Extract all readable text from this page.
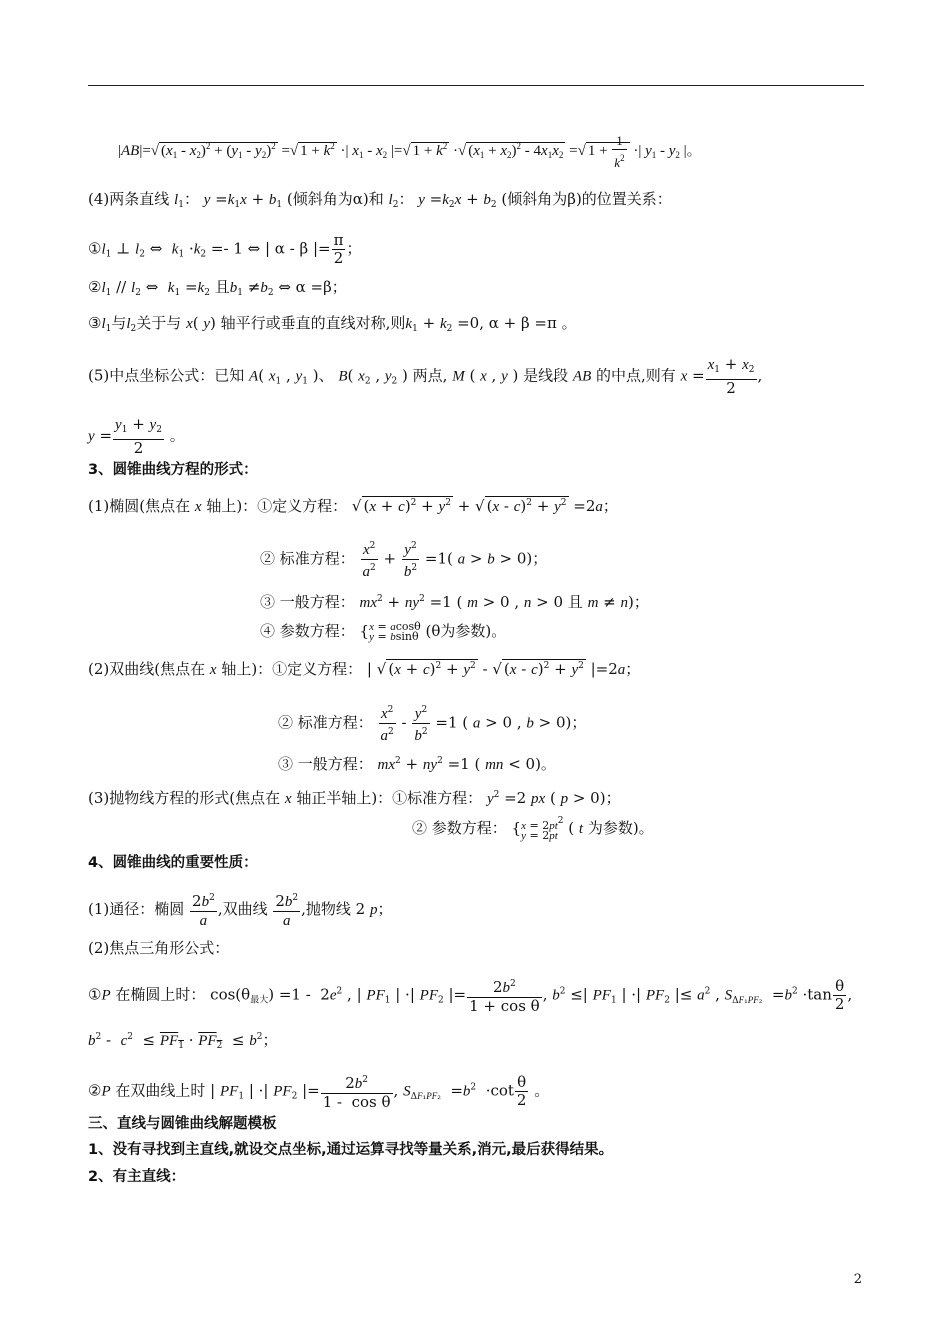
|AB|=√ $(x_1 - x_2)^2 + (y_1 - y_2)^2$ =√ $1 + k^2$ ·| $x_1 - x_2$ |=√ $1 + k^2$ ·√ $(x_1 + x_2)^2 - 4x_1x_2$ =√ $1 + \frac{1}{k^2}$ ·| $y_1 - y_2$ |。
(4)两条直线 $l_1$： $y =k_1x + b_1$ (倾斜角为α)和 $l_2$： $y =k_2x + b_2$ (倾斜角为β)的位置关系：
$①l_1$ ⊥ $l_2$ ⇔  $k_1 \cdot k_2 =- 1$ ⇔ | α - β |= $\frac{\pi}{2}$ ；
$②l_1 // l_2$ ⇔  $k_1 =k_2$ 且$b_1 \ne b_2$ ⇔ α =β；
$③l_1$与$l_2$关于与 x( y) 轴平行或垂直的直线对称,则$k_1 + k_2 =0$, α + β =π 。
(5)中点坐标公式：已知 A( $x_1$ , $y_1$ )、 B( $x_2$ , $y_2$ ) 两点, M ( x , y ) 是线段 AB 的中点,则有 $x = \frac{x_1 + x_2}{2}$ ,
$y = \frac{y_1 + y_2}{2}$ 。
3、圆锥曲线方程的形式：
(1)椭圆(焦点在 x 轴上)：①定义方程： √ $(x + c)^2 + y^2$ + √ $(x - c)^2 + y^2 =2a$；
② 标准方程： $\frac{x^2}{a^2} + \frac{y^2}{b^2} =1$( a > b > 0)；
③ 一般方程： $mx^2 + ny^2 =1$ ( m > 0 , n > 0 且 m ≠ n)；
④ 参数方程： {x = acosθ
y = bsinθ (θ为参数)。
(2)双曲线(焦点在 x 轴上)：①定义方程： | √ $(x + c)^2 + y^2$ - √ $(x - c)^2 + y^2$ |=2a；
② 标准方程： $\frac{x^2}{a^2} - \frac{y^2}{b^2} =1$ ( a > 0 , b > 0)；
③ 一般方程： $mx^2 + ny^2 =1$ ( mn < 0)。
(3)抛物线方程的形式(焦点在 x 轴正半轴上)：①标准方程： $y^2 =2$ px ( p > 0)；
② 参数方程： {$x = 2pt^2$
y = 2pt ( t 为参数)。
4、圆锥曲线的重要性质：
(1)通径：椭圆 $\frac{2b^2}{a}$ ,双曲线 $\frac{2b^2}{a}$ ,抛物线 2 p；
(2)焦点三角形公式：
①P 在椭圆上时： $\cos(\theta_{最大}) =1 - 2e^2$ , | $PF_1$ | ·| $PF_2$ |= $\frac{2b^2}{\text{1 + cos θ}}$ , $b^2$ ≤| $PF_1$ | ·| $PF_2$ |≤ $a^2$ , $S_{\Delta F_1PF_2} =b^2 \cdot\tan \frac{\theta}{2}$ ,
$b^2 - c^2 \le PF_1 \cdot PF_2 \le b^2$；
②P 在双曲线上时 | $PF_1$ | ·| $PF_2$ |= $\frac{2b^2}{\text{1 -  cos θ}}$ , $S_{\Delta F_1PF_2} =b^2 \cdot\cot \frac{\theta}{2}$ 。
三、直线与圆锥曲线解题模板
1、没有寻找到主直线,就设交点坐标,通过运算寻找等量关系,消元,最后获得结果。
2、有主直线：
2
